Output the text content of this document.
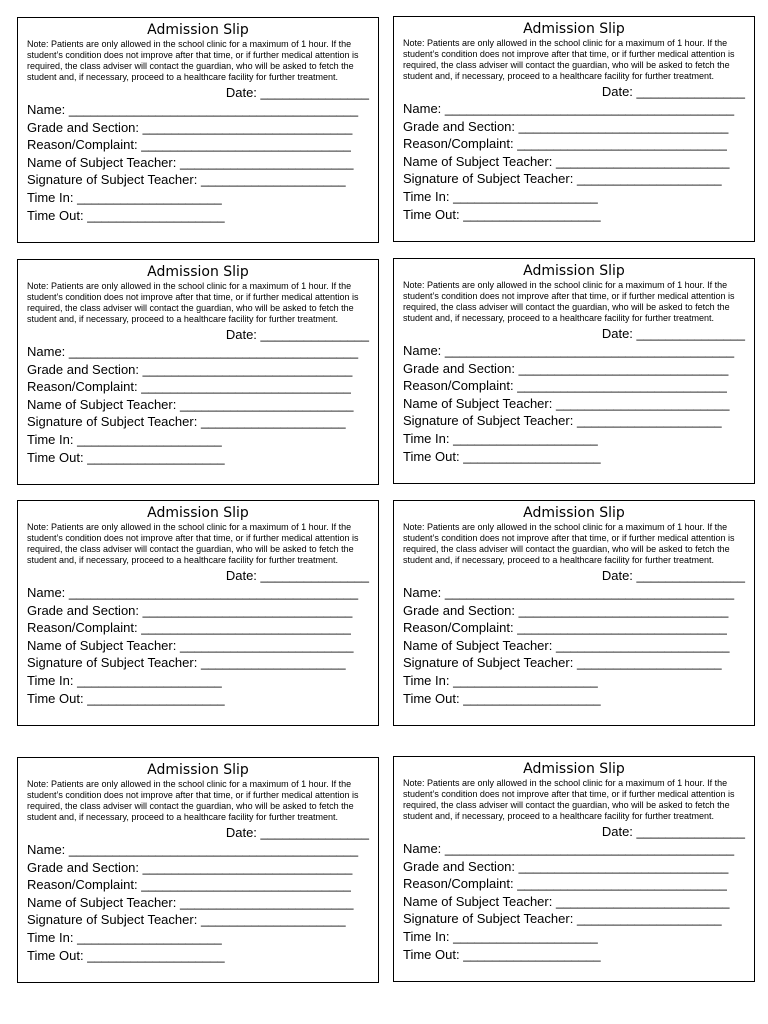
Admission Slip
Note: Patients are only allowed in the school clinic for a maximum of 1 hour. If the student’s condition does not improve after that time, or if further medical attention is required, the class adviser will contact the guardian, who will be asked to fetch the student and, if necessary, proceed to a healthcare facility for further treatment.
Date: _______________
Name: ________________________________________
Grade and Section: _____________________________
Reason/Complaint: _____________________________
Name of Subject Teacher: ________________________
Signature of Subject Teacher: ____________________
Time In: ____________________
Time Out: ___________________
Admission Slip
Note: Patients are only allowed in the school clinic for a maximum of 1 hour. If the student’s condition does not improve after that time, or if further medical attention is required, the class adviser will contact the guardian, who will be asked to fetch the student and, if necessary, proceed to a healthcare facility for further treatment.
Date: _______________
Name: ________________________________________
Grade and Section: _____________________________
Reason/Complaint: _____________________________
Name of Subject Teacher: ________________________
Signature of Subject Teacher: ____________________
Time In: ____________________
Time Out: ___________________
Admission Slip
Note: Patients are only allowed in the school clinic for a maximum of 1 hour. If the student’s condition does not improve after that time, or if further medical attention is required, the class adviser will contact the guardian, who will be asked to fetch the student and, if necessary, proceed to a healthcare facility for further treatment.
Date: _______________
Name: ________________________________________
Grade and Section: _____________________________
Reason/Complaint: _____________________________
Name of Subject Teacher: ________________________
Signature of Subject Teacher: ____________________
Time In: ____________________
Time Out: ___________________
Admission Slip
Note: Patients are only allowed in the school clinic for a maximum of 1 hour. If the student’s condition does not improve after that time, or if further medical attention is required, the class adviser will contact the guardian, who will be asked to fetch the student and, if necessary, proceed to a healthcare facility for further treatment.
Date: _______________
Name: ________________________________________
Grade and Section: _____________________________
Reason/Complaint: _____________________________
Name of Subject Teacher: ________________________
Signature of Subject Teacher: ____________________
Time In: ____________________
Time Out: ___________________
Admission Slip
Note: Patients are only allowed in the school clinic for a maximum of 1 hour. If the student’s condition does not improve after that time, or if further medical attention is required, the class adviser will contact the guardian, who will be asked to fetch the student and, if necessary, proceed to a healthcare facility for further treatment.
Date: _______________
Name: ________________________________________
Grade and Section: _____________________________
Reason/Complaint: _____________________________
Name of Subject Teacher: ________________________
Signature of Subject Teacher: ____________________
Time In: ____________________
Time Out: ___________________
Admission Slip
Note: Patients are only allowed in the school clinic for a maximum of 1 hour. If the student’s condition does not improve after that time, or if further medical attention is required, the class adviser will contact the guardian, who will be asked to fetch the student and, if necessary, proceed to a healthcare facility for further treatment.
Date: _______________
Name: ________________________________________
Grade and Section: _____________________________
Reason/Complaint: _____________________________
Name of Subject Teacher: ________________________
Signature of Subject Teacher: ____________________
Time In: ____________________
Time Out: ___________________
Admission Slip
Note: Patients are only allowed in the school clinic for a maximum of 1 hour. If the student’s condition does not improve after that time, or if further medical attention is required, the class adviser will contact the guardian, who will be asked to fetch the student and, if necessary, proceed to a healthcare facility for further treatment.
Date: _______________
Name: ________________________________________
Grade and Section: _____________________________
Reason/Complaint: _____________________________
Name of Subject Teacher: ________________________
Signature of Subject Teacher: ____________________
Time In: ____________________
Time Out: ___________________
Admission Slip
Note: Patients are only allowed in the school clinic for a maximum of 1 hour. If the student’s condition does not improve after that time, or if further medical attention is required, the class adviser will contact the guardian, who will be asked to fetch the student and, if necessary, proceed to a healthcare facility for further treatment.
Date: _______________
Name: ________________________________________
Grade and Section: _____________________________
Reason/Complaint: _____________________________
Name of Subject Teacher: ________________________
Signature of Subject Teacher: ____________________
Time In: ____________________
Time Out: ___________________
